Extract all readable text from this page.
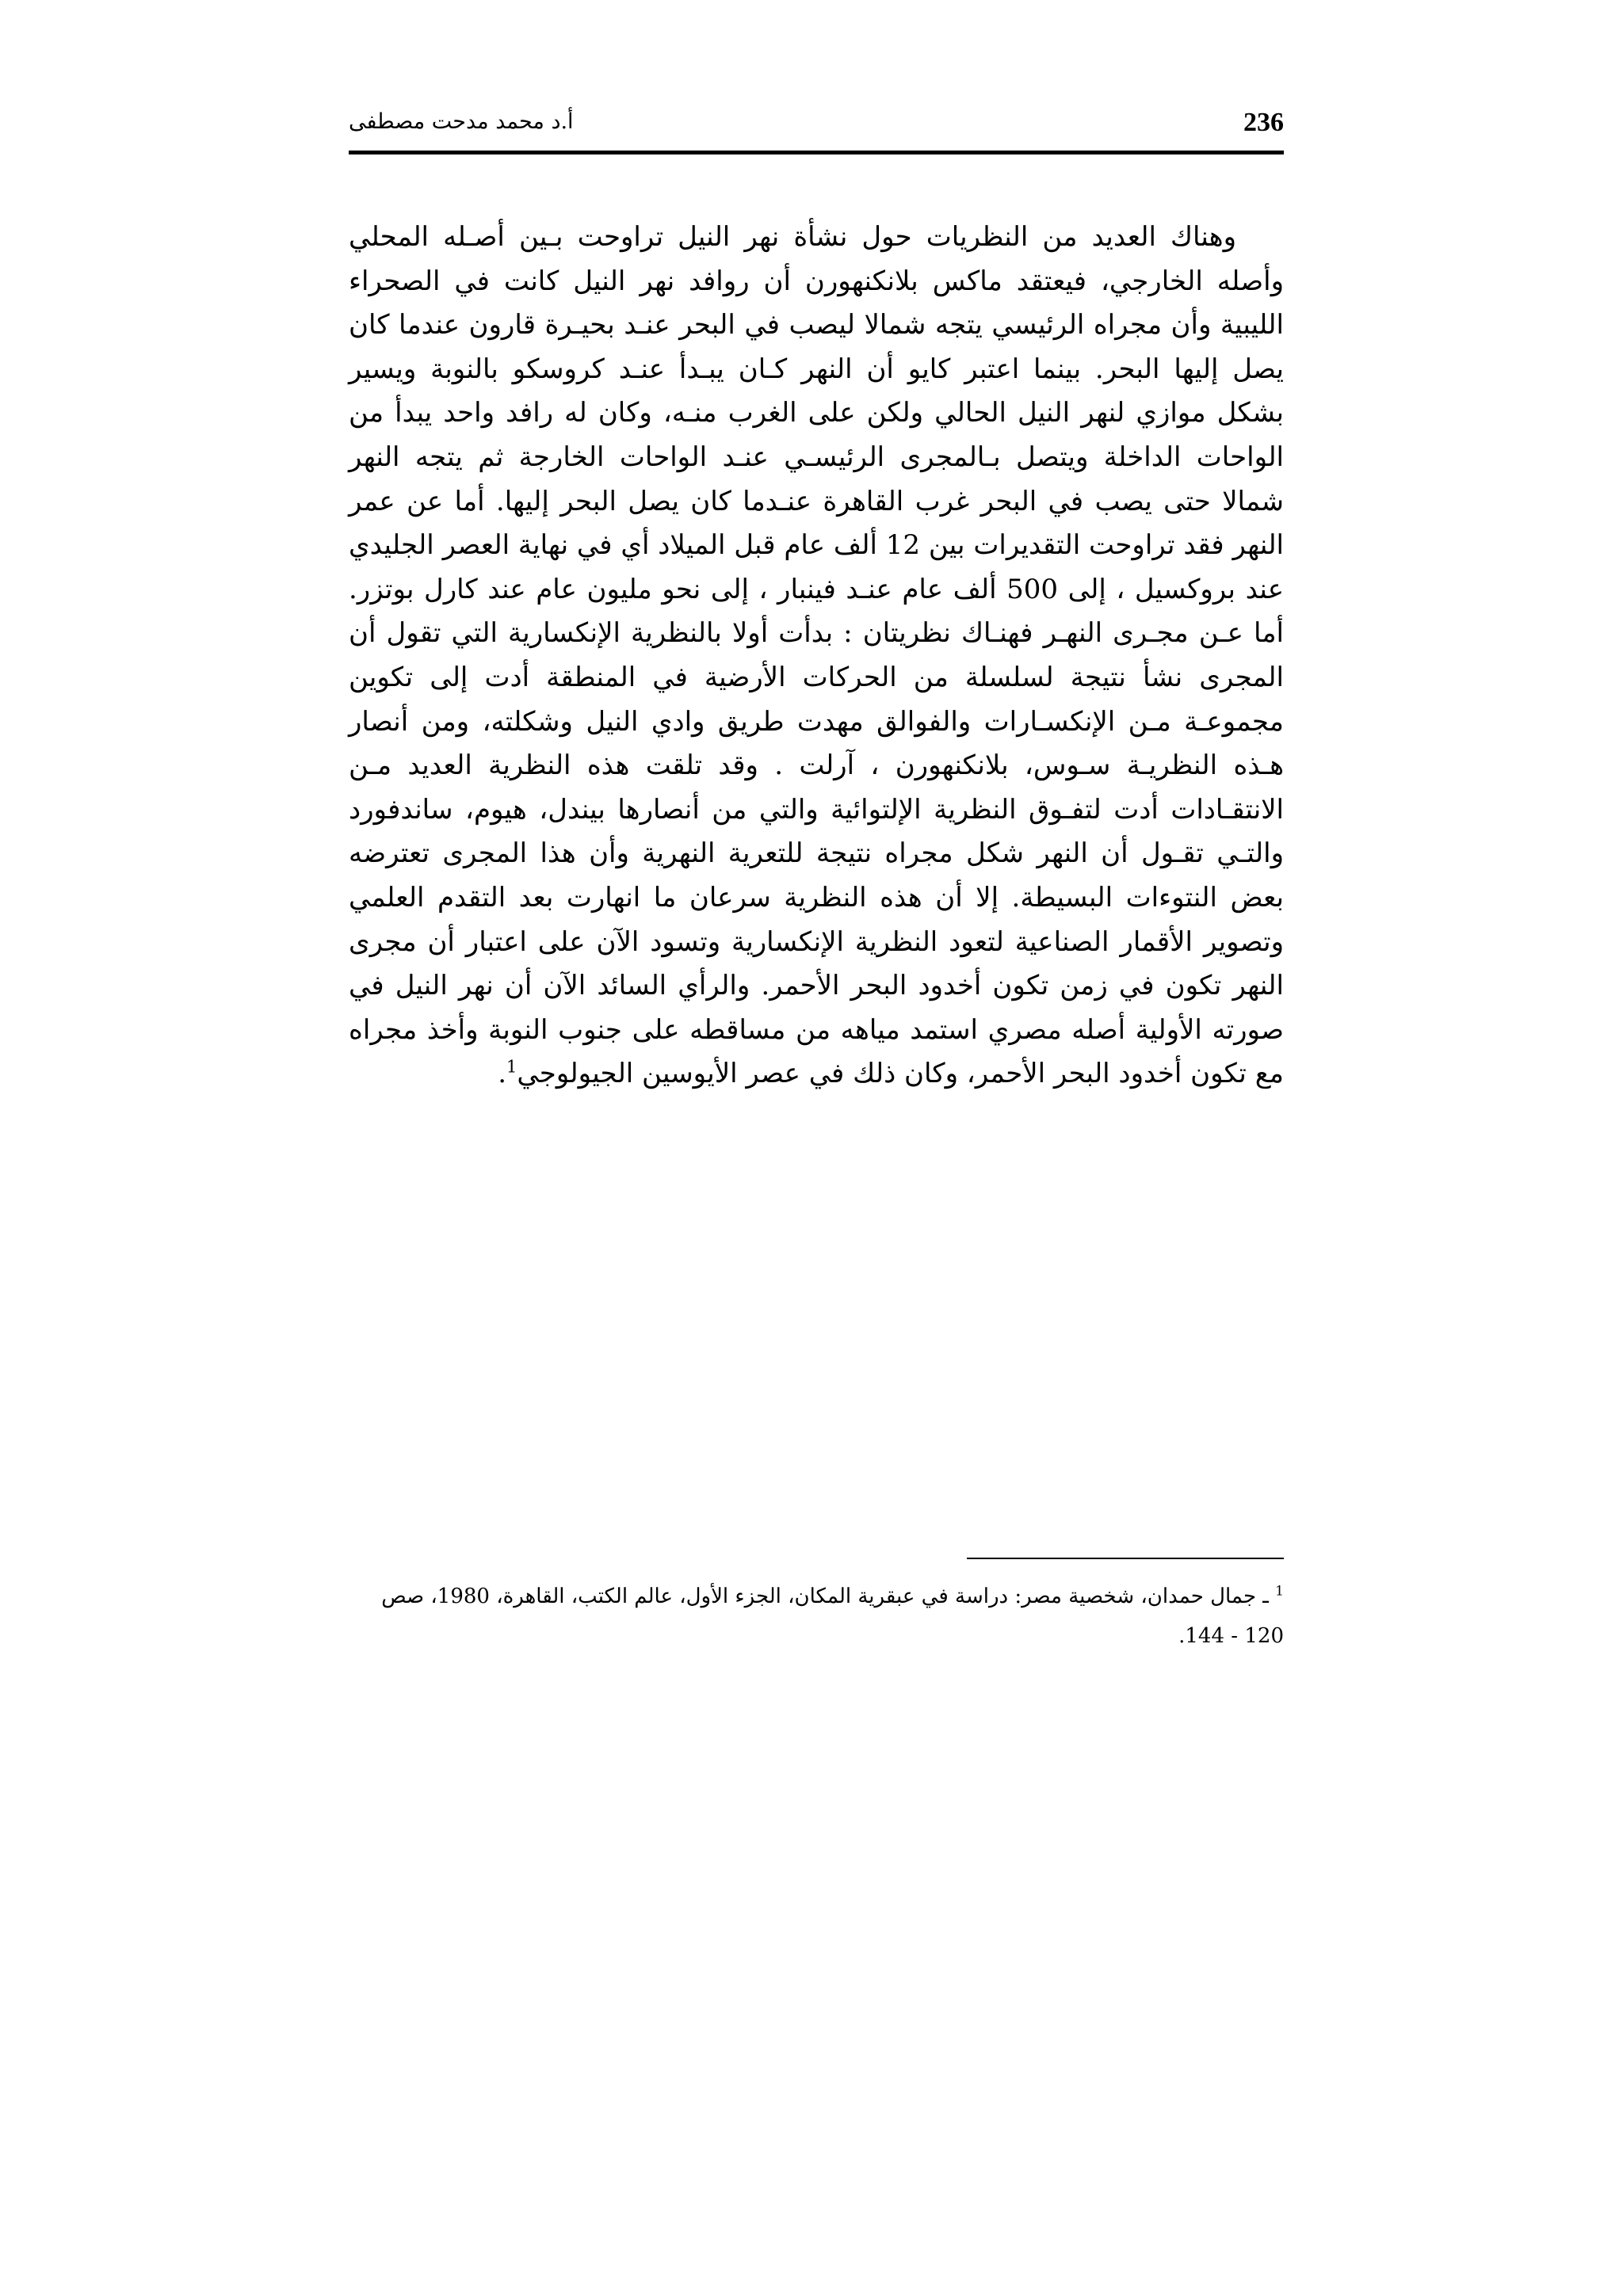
236
أ.د محمد مدحت مصطفى

وهناك العديد من النظريات حول نشأة نهر النيل تراوحت بـين أصـله المحلي وأصله الخارجي، فيعتقد ماكس بلانكنهورن أن روافد نهر النيل كانت في الصحراء الليبية وأن مجراه الرئيسي يتجه شمالا ليصب في البحر عنـد بحيـرة قارون عندما كان يصل إليها البحر. بينما اعتبر كايو أن النهر كـان يبـدأ عنـد كروسكو بالنوبة ويسير بشكل موازي لنهر النيل الحالي ولكن على الغرب منـه، وكان له رافد واحد يبدأ من الواحات الداخلة ويتصل بـالمجرى الرئيسـي عنـد الواحات الخارجة ثم يتجه النهر شمالا حتى يصب في البحر غرب القاهرة عنـدما كان يصل البحر إليها. أما عن عمر النهر فقد تراوحت التقديرات بين 12 ألف عام قبل الميلاد أي في نهاية العصر الجليدي عند بروكسيل ، إلى 500 ألف عام عنـد فينبار ، إلى نحو مليون عام عند كارل بوتزر. أما عـن مجـرى النهـر فهنـاك نظريتان : بدأت أولا بالنظرية الإنكسارية التي تقول أن المجرى نشأ نتيجة لسلسلة من الحركات الأرضية في المنطقة أدت إلى تكوين مجموعـة مـن الإنكسـارات والفوالق مهدت طريق وادي النيل وشكلته، ومن أنصار هـذه النظريـة سـوس، بلانكنهورن ، آرلت . وقد تلقت هذه النظرية العديد مـن الانتقـادات أدت لتفـوق النظرية الإلتوائية والتي من أنصارها بيندل، هيوم، ساندفورد والتـي تقـول أن النهر شكل مجراه نتيجة للتعرية النهرية وأن هذا المجرى تعترضه بعض النتوءات البسيطة. إلا أن هذه النظرية سرعان ما انهارت بعد التقدم العلمي وتصوير الأقمار الصناعية لتعود النظرية الإنكسارية وتسود الآن على اعتبار أن مجرى النهر تكون في زمن تكون أخدود البحر الأحمر. والرأي السائد الآن أن نهر النيل في صورته الأولية أصله مصري استمد مياهه من مساقطه على جنوب النوبة وأخذ مجراه مع تكون أخدود البحر الأحمر، وكان ذلك في عصر الأيوسين الجيولوجي$^1$.

$^1$ ـ جمال حمدان، شخصية مصر: دراسة في عبقرية المكان، الجزء الأول، عالم الكتب، القاهرة، 1980، صص 120 - 144.
